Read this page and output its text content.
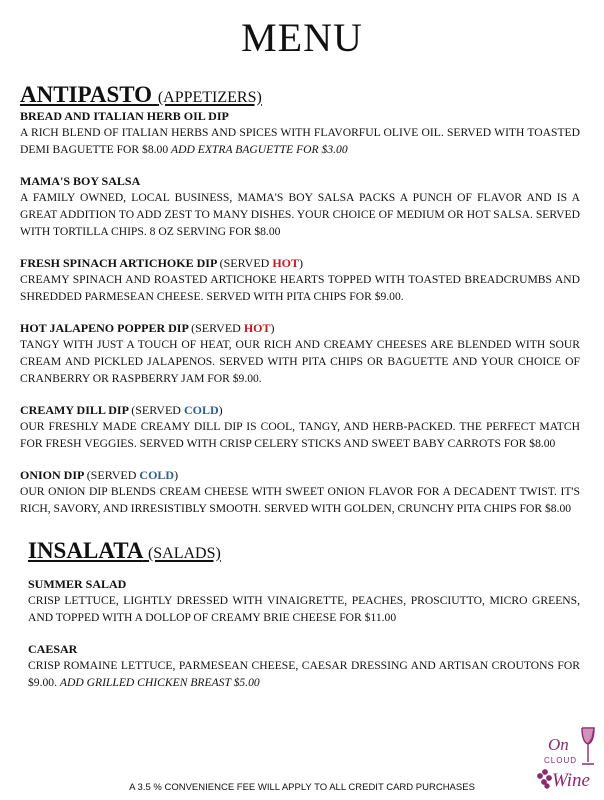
MENU
ANTIPASTO (APPETIZERS)
BREAD AND ITALIAN HERB OIL DIP

A RICH BLEND OF ITALIAN HERBS AND SPICES WITH FLAVORFUL OLIVE OIL. SERVED WITH TOASTED DEMI BAGUETTE FOR $8.00 ADD EXTRA BAGUETTE FOR $3.00

MAMA'S BOY SALSA

A FAMILY OWNED, LOCAL BUSINESS, MAMA'S BOY SALSA PACKS A PUNCH OF FLAVOR AND IS A GREAT ADDITION TO ADD ZEST TO MANY DISHES. YOUR CHOICE OF MEDIUM OR HOT SALSA. SERVED WITH TORTILLA CHIPS. 8 OZ SERVING FOR $8.00

FRESH SPINACH ARTICHOKE DIP (SERVED HOT)

CREAMY SPINACH AND ROASTED ARTICHOKE HEARTS TOPPED WITH TOASTED BREADCRUMBS AND SHREDDED PARMESEAN CHEESE. SERVED WITH PITA CHIPS FOR $9.00.

HOT JALAPENO POPPER DIP (SERVED HOT)

TANGY WITH JUST A TOUCH OF HEAT, OUR RICH AND CREAMY CHEESES ARE BLENDED WITH SOUR CREAM AND PICKLED JALAPENOS. SERVED WITH PITA CHIPS OR BAGUETTE AND YOUR CHOICE OF CRANBERRY OR RASPBERRY JAM FOR $9.00.

CREAMY DILL DIP (SERVED COLD)

OUR FRESHLY MADE CREAMY DILL DIP IS COOL, TANGY, AND HERB-PACKED. THE PERFECT MATCH FOR FRESH VEGGIES. SERVED WITH CRISP CELERY STICKS AND SWEET BABY CARROTS FOR $8.00

ONION DIP (SERVED COLD)

OUR ONION DIP BLENDS CREAM CHEESE WITH SWEET ONION FLAVOR FOR A DECADENT TWIST. IT'S RICH, SAVORY, AND IRRESISTIBLY SMOOTH. SERVED WITH GOLDEN, CRUNCHY PITA CHIPS FOR $8.00

INSALATA (SALADS)
SUMMER SALAD

CRISP LETTUCE, LIGHTLY DRESSED WITH VINAIGRETTE, PEACHES, PROSCIUTTO, MICRO GREENS, AND TOPPED WITH A DOLLOP OF CREAMY BRIE CHEESE FOR $11.00

CAESAR

CRISP ROMAINE LETTUCE, PARMESEAN CHEESE, CAESAR DRESSING AND ARTISAN CROUTONS FOR $9.00. ADD GRILLED CHICKEN BREAST $5.00

On
CLOUD
Wine
A 3.5 % CONVENIENCE FEE WILL APPLY TO ALL CREDIT CARD PURCHASES
